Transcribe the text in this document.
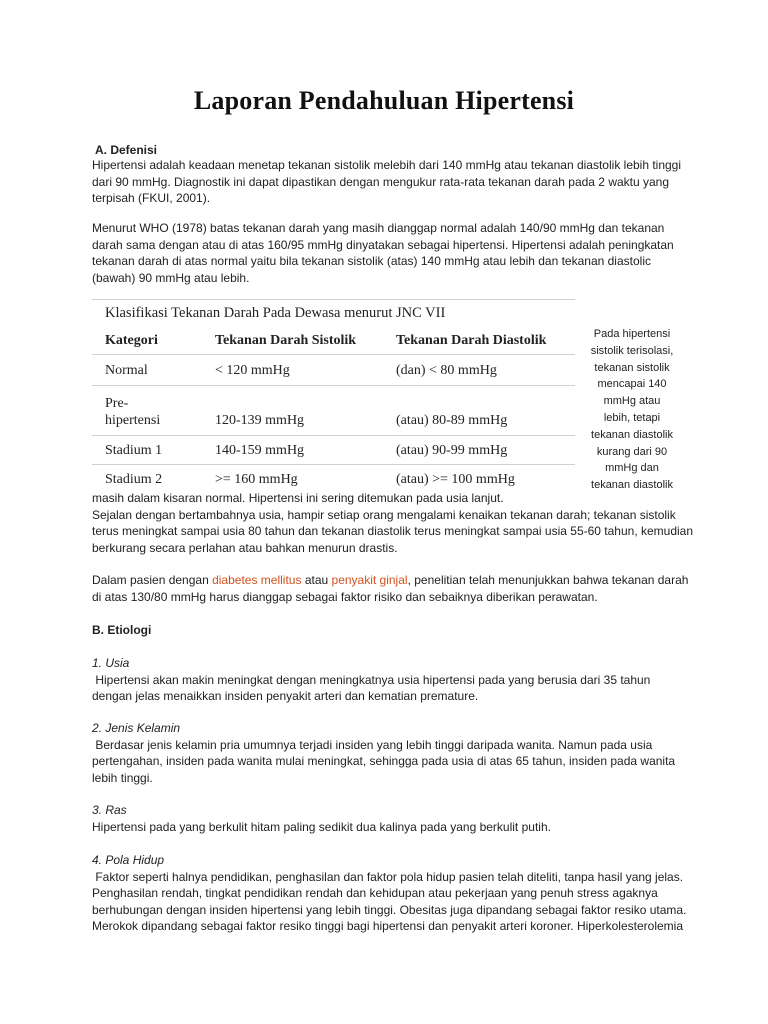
Laporan Pendahuluan Hipertensi
A. Defenisi
Hipertensi adalah keadaan menetap tekanan sistolik melebih dari 140 mmHg atau tekanan diastolik lebih tinggi
dari 90 mmHg. Diagnostik ini dapat dipastikan dengan mengukur rata-rata tekanan darah pada 2 waktu yang
terpisah (FKUI, 2001).
Menurut WHO (1978) batas tekanan darah yang masih dianggap normal adalah 140/90 mmHg dan tekanan
darah sama dengan atau di atas 160/95 mmHg dinyatakan sebagai hipertensi. Hipertensi adalah peningkatan
tekanan darah di atas normal yaitu bila tekanan sistolik (atas) 140 mmHg atau lebih dan tekanan diastolic
(bawah) 90 mmHg atau lebih.
Klasifikasi Tekanan Darah Pada Dewasa menurut JNC VII
Kategori	Tekanan Darah Sistolik	Tekanan Darah Diastolik
Normal	< 120 mmHg	(dan) < 80 mmHg
Pre-
hipertensi	120-139 mmHg	(atau) 80-89 mmHg
Stadium 1	140-159 mmHg	(atau) 90-99 mmHg
Stadium 2	>= 160 mmHg	(atau) >= 100 mmHg
Pada hipertensi
sistolik terisolasi,
tekanan sistolik
mencapai 140
mmHg atau
lebih, tetapi
tekanan diastolik
kurang dari 90
mmHg dan
tekanan diastolik
masih dalam kisaran normal. Hipertensi ini sering ditemukan pada usia lanjut.
Sejalan dengan bertambahnya usia, hampir setiap orang mengalami kenaikan tekanan darah; tekanan sistolik
terus meningkat sampai usia 80 tahun dan tekanan diastolik terus meningkat sampai usia 55-60 tahun, kemudian
berkurang secara perlahan atau bahkan menurun drastis.
Dalam pasien dengan diabetes mellitus atau penyakit ginjal, penelitian telah menunjukkan bahwa tekanan darah
di atas 130/80 mmHg harus dianggap sebagai faktor risiko dan sebaiknya diberikan perawatan.
B. Etiologi
1. Usia
Hipertensi akan makin meningkat dengan meningkatnya usia hipertensi pada yang berusia dari 35 tahun
dengan jelas menaikkan insiden penyakit arteri dan kematian premature.
2. Jenis Kelamin
Berdasar jenis kelamin pria umumnya terjadi insiden yang lebih tinggi daripada wanita. Namun pada usia
pertengahan, insiden pada wanita mulai meningkat, sehingga pada usia di atas 65 tahun, insiden pada wanita
lebih tinggi.
3. Ras
Hipertensi pada yang berkulit hitam paling sedikit dua kalinya pada yang berkulit putih.
4. Pola Hidup
Faktor seperti halnya pendidikan, penghasilan dan faktor pola hidup pasien telah diteliti, tanpa hasil yang jelas.
Penghasilan rendah, tingkat pendidikan rendah dan kehidupan atau pekerjaan yang penuh stress agaknya
berhubungan dengan insiden hipertensi yang lebih tinggi. Obesitas juga dipandang sebagai faktor resiko utama.
Merokok dipandang sebagai faktor resiko tinggi bagi hipertensi dan penyakit arteri koroner. Hiperkolesterolemia
